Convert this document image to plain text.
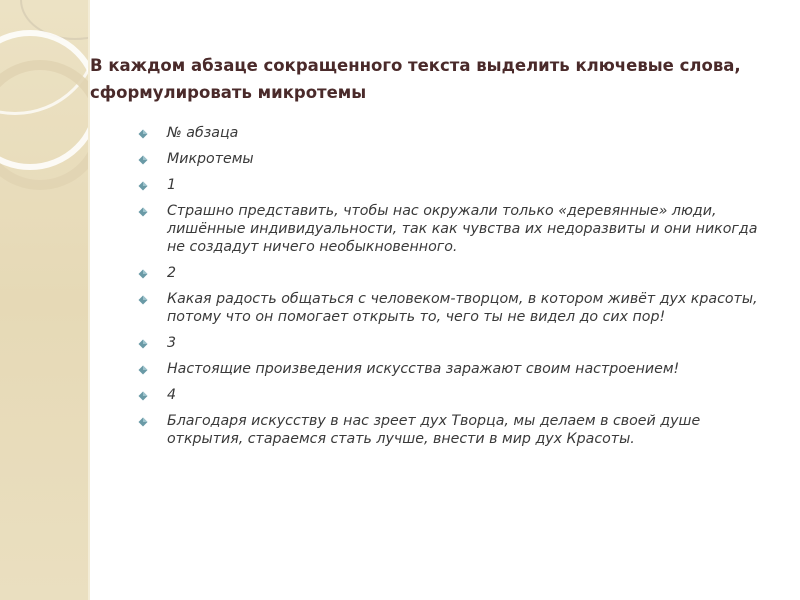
В каждом абзаце сокращенного текста выделить ключевые слова, сформулировать микротемы
№ абзаца
Микротемы
1
Страшно представить, чтобы нас окружали только «деревянные» люди, лишённые индивидуальности, так как чувства их недоразвиты и они никогда не создадут ничего необыкновенного.
2
Какая радость общаться с человеком-творцом, в котором живёт дух красоты, потому что он помогает открыть то, чего ты не видел до сих пор!
3
Настоящие произведения искусства заражают своим настроением!
4
Благодаря искусству в нас зреет дух Творца, мы делаем в своей душе открытия, стараемся стать лучше, внести в мир дух Красоты.
